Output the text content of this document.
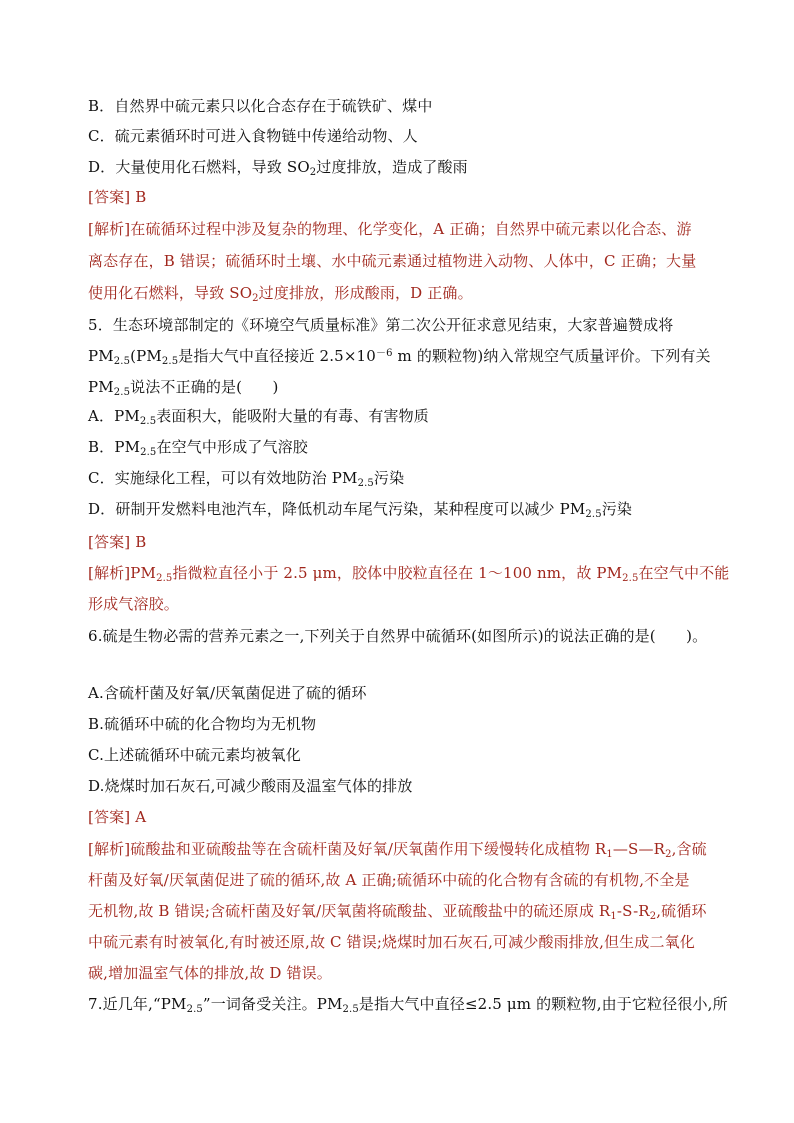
B．自然界中硫元素只以化合态存在于硫铁矿、煤中
C．硫元素循环时可进入食物链中传递给动物、人
D．大量使用化石燃料，导致 $SO_2$过度排放，造成了酸雨
[答案] B
[解析]在硫循环过程中涉及复杂的物理、化学变化，A 正确；自然界中硫元素以化合态、游
离态存在，B 错误；硫循环时土壤、水中硫元素通过植物进入动物、人体中，C 正确；大量
使用化石燃料，导致 $SO_2$过度排放，形成酸雨，D 正确。
5．生态环境部制定的《环境空气质量标准》第二次公开征求意见结束，大家普遍赞成将
$PM_{2.5}(PM_{2.5}$是指大气中直径接近 $2.5\times 10^{-6}$ m 的颗粒物)纳入常规空气质量评价。下列有关
$PM_{2.5}$说法不正确的是(　　)
A．$PM_{2.5}$表面积大，能吸附大量的有毒、有害物质
B．$PM_{2.5}$在空气中形成了气溶胶
C．实施绿化工程，可以有效地防治 $PM_{2.5}$污染
D．研制开发燃料电池汽车，降低机动车尾气污染，某种程度可以减少 $PM_{2.5}$污染
[答案] B
[解析]$PM_{2.5}$指微粒直径小于 2.5 μm，胶体中胶粒直径在 1～100 nm，故 $PM_{2.5}$在空气中不能
形成气溶胶。
6.硫是生物必需的营养元素之一,下列关于自然界中硫循环(如图所示)的说法正确的是(　　)。
A.含硫杆菌及好氧/厌氧菌促进了硫的循环
B.硫循环中硫的化合物均为无机物
C.上述硫循环中硫元素均被氧化
D.烧煤时加石灰石,可减少酸雨及温室气体的排放
[答案] A
[解析]硫酸盐和亚硫酸盐等在含硫杆菌及好氧/厌氧菌作用下缓慢转化成植物 $R_1—S—R_2$,含硫
杆菌及好氧/厌氧菌促进了硫的循环,故 A 正确;硫循环中硫的化合物有含硫的有机物,不全是
无机物,故 B 错误;含硫杆菌及好氧/厌氧菌将硫酸盐、亚硫酸盐中的硫还原成 $R_1-S-R_2$,硫循环
中硫元素有时被氧化,有时被还原,故 C 错误;烧煤时加石灰石,可减少酸雨排放,但生成二氧化
碳,增加温室气体的排放,故 D 错误。
7.近几年$,“PM_{2.5}$”一词备受关注。$PM_{2.5}$是指大气中直径≤2.5 μm 的颗粒物,由于它粒径很小,所
